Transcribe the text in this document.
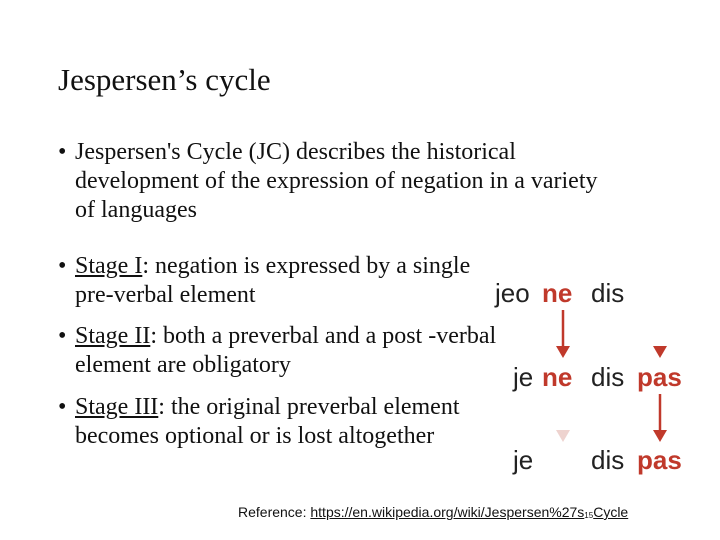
Jespersen’s cycle
• Jespersen's Cycle (JC) describes the historical development of the expression of negation in a variety of languages
• Stage I: negation is expressed by a single pre-verbal element
• Stage II: both a preverbal and a post -verbal element are obligatory
• Stage III: the original preverbal element becomes optional or is lost altogether
jeo ne dis
je ne dis pas
je dis pas
Reference: https://en.wikipedia.org/wiki/Jespersen%27s15Cycle
